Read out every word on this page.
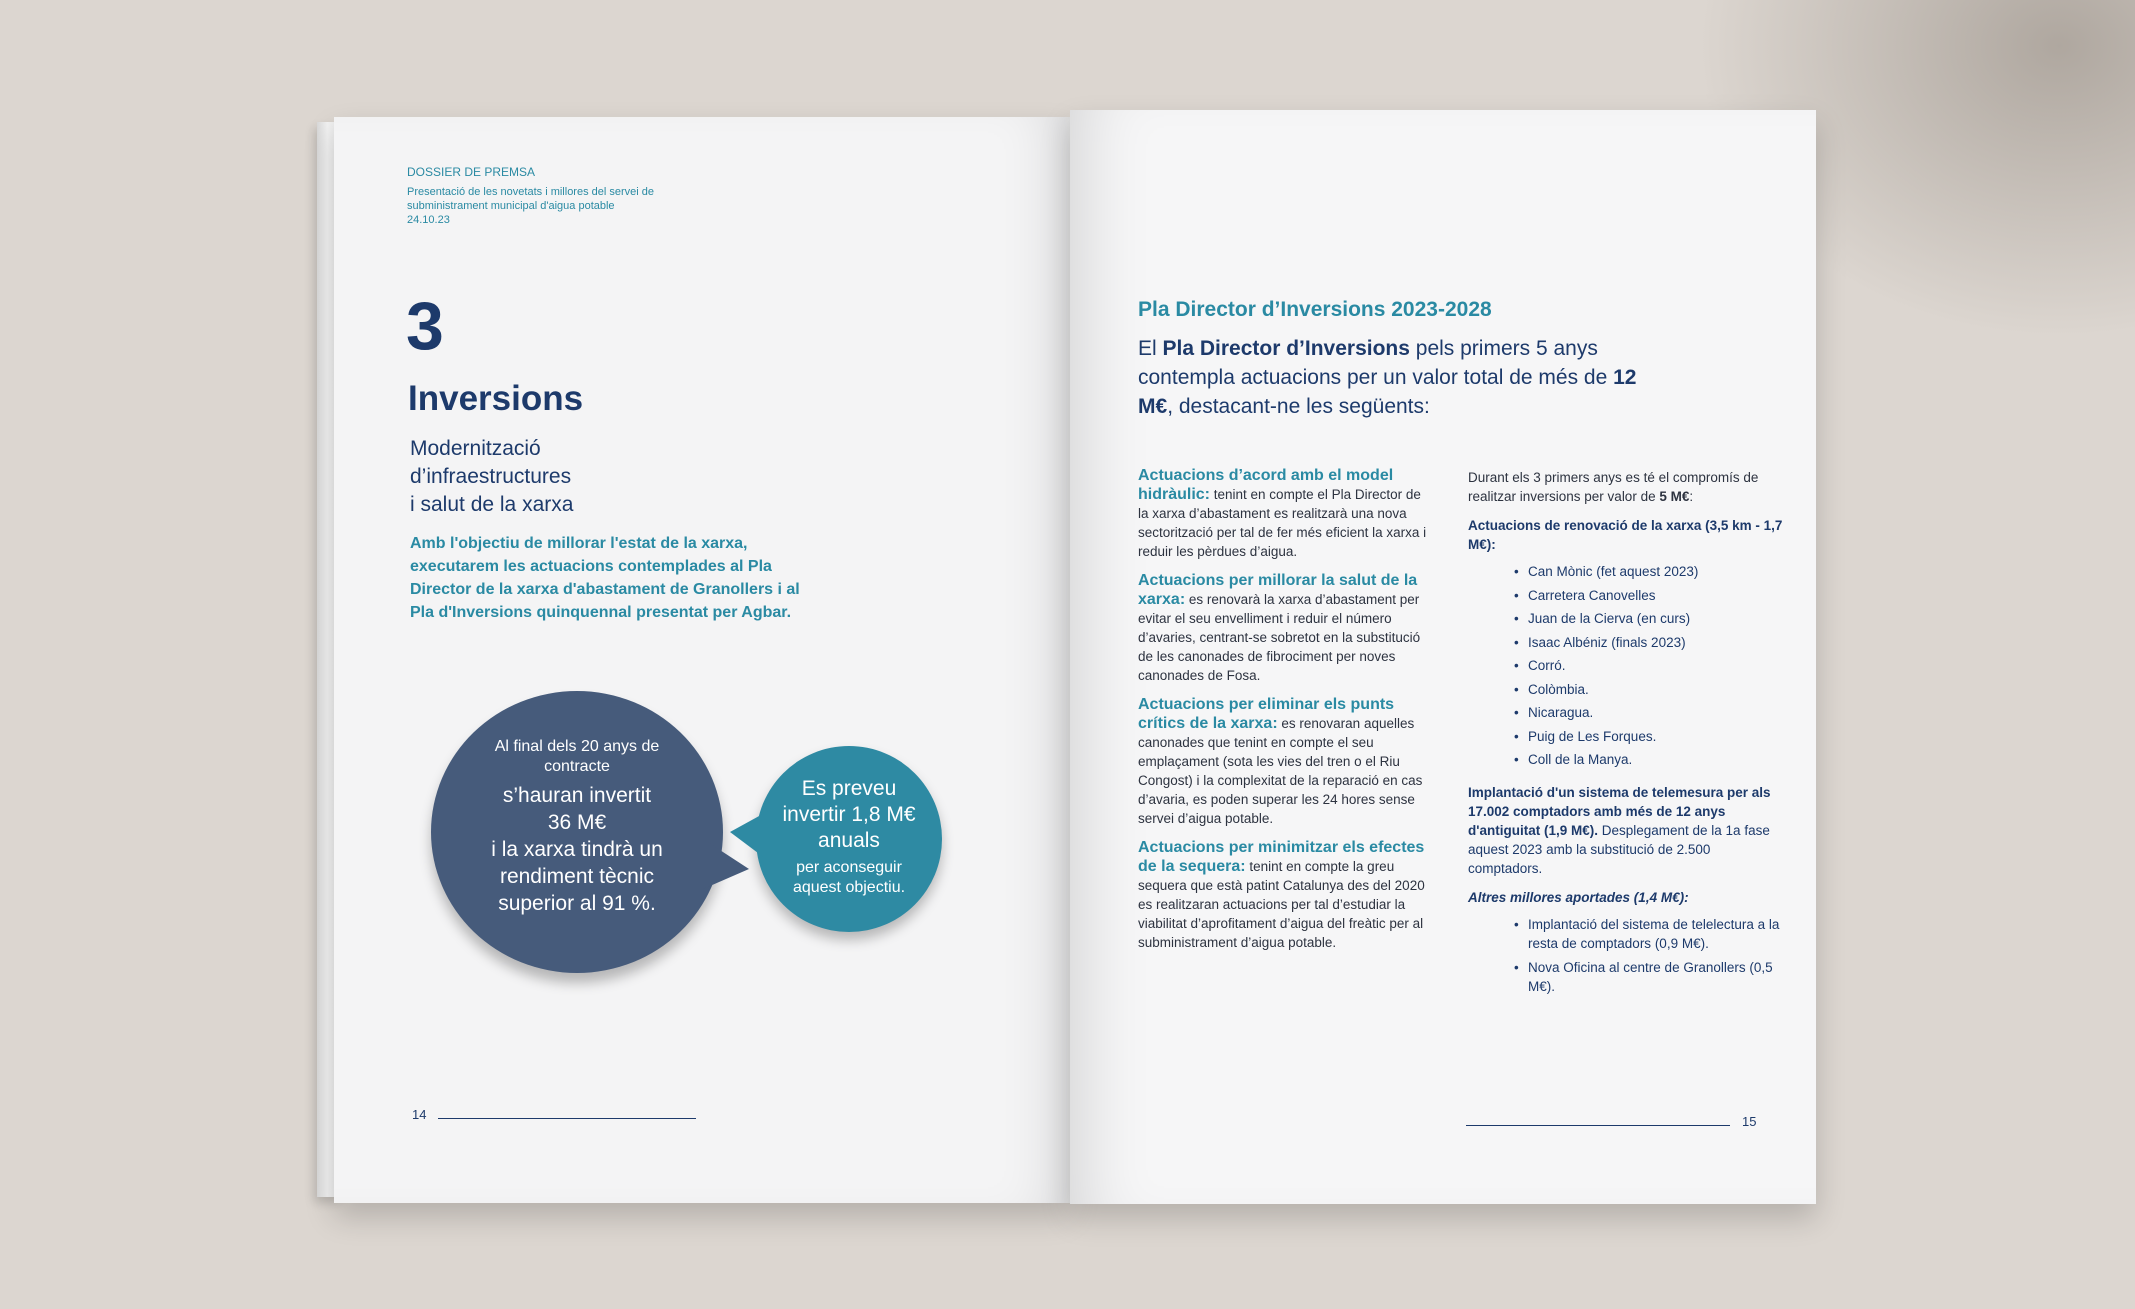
DOSSIER DE PREMSA
Presentació de les novetats i millores del servei de
subministrament municipal d'aigua potable
24.10.23
3
Inversions
Modernització
d’infraestructures
i salut de la xarxa
Amb l'objectiu de millorar l'estat de la xarxa,
executarem les actuacions contemplades al Pla
Director de la xarxa d'abastament de Granollers i al
Pla d'Inversions quinquennal presentat per Agbar.
Al final dels 20 anys de contracte
s’hauran invertit
36 M€
i la xarxa tindrà un
rendiment tècnic
superior al 91 %.
Es preveu
invertir 1,8 M€
anuals
per aconseguir aquest objectiu.
14
Pla Director d’Inversions 2023-2028
El Pla Director d’Inversions pels primers 5 anys contempla actuacions per un valor total de més de 12 M€, destacant-ne les següents:

Actuacions d’acord amb el model hidràulic: tenint en compte el Pla Director de la xarxa d’abastament es realitzarà una nova sectorització per tal de fer més eficient la xarxa i reduir les pèrdues d’aigua.

Actuacions per millorar la salut de la xarxa: es renovarà la xarxa d’abastament per evitar el seu envelliment i reduir el número d’avaries, centrant-se sobretot en la substitució de les canonades de fibrociment per noves canonades de Fosa.

Actuacions per eliminar els punts crítics de la xarxa: es renovaran aquelles canonades que tenint en compte el seu emplaçament (sota les vies del tren o el Riu Congost) i la complexitat de la reparació en cas d’avaria, es poden superar les 24 hores sense servei d’aigua potable.

Actuacions per minimitzar els efectes de la sequera: tenint en compte la greu sequera que està patint Catalunya des del 2020 es realitzaran actuacions per tal d’estudiar la viabilitat d’aprofitament d’aigua del freàtic per al subministrament d’aigua potable.

Durant els 3 primers anys es té el compromís de realitzar inversions per valor de 5 M€:

Actuacions de renovació de la xarxa (3,5 km - 1,7 M€):
• Can Mònic (fet aquest 2023)
• Carretera Canovelles
• Juan de la Cierva (en curs)
• Isaac Albéniz (finals 2023)
• Corró.
• Colòmbia.
• Nicaragua.
• Puig de Les Forques.
• Coll de la Manya.

Implantació d'un sistema de telemesura per als 17.002 comptadors amb més de 12 anys d'antiguitat (1,9 M€). Desplegament de la 1a fase aquest 2023 amb la substitució de 2.500 comptadors.

Altres millores aportades (1,4 M€):
• Implantació del sistema de telelectura a la resta de comptadors (0,9 M€).
• Nova Oficina al centre de Granollers (0,5 M€).
15
